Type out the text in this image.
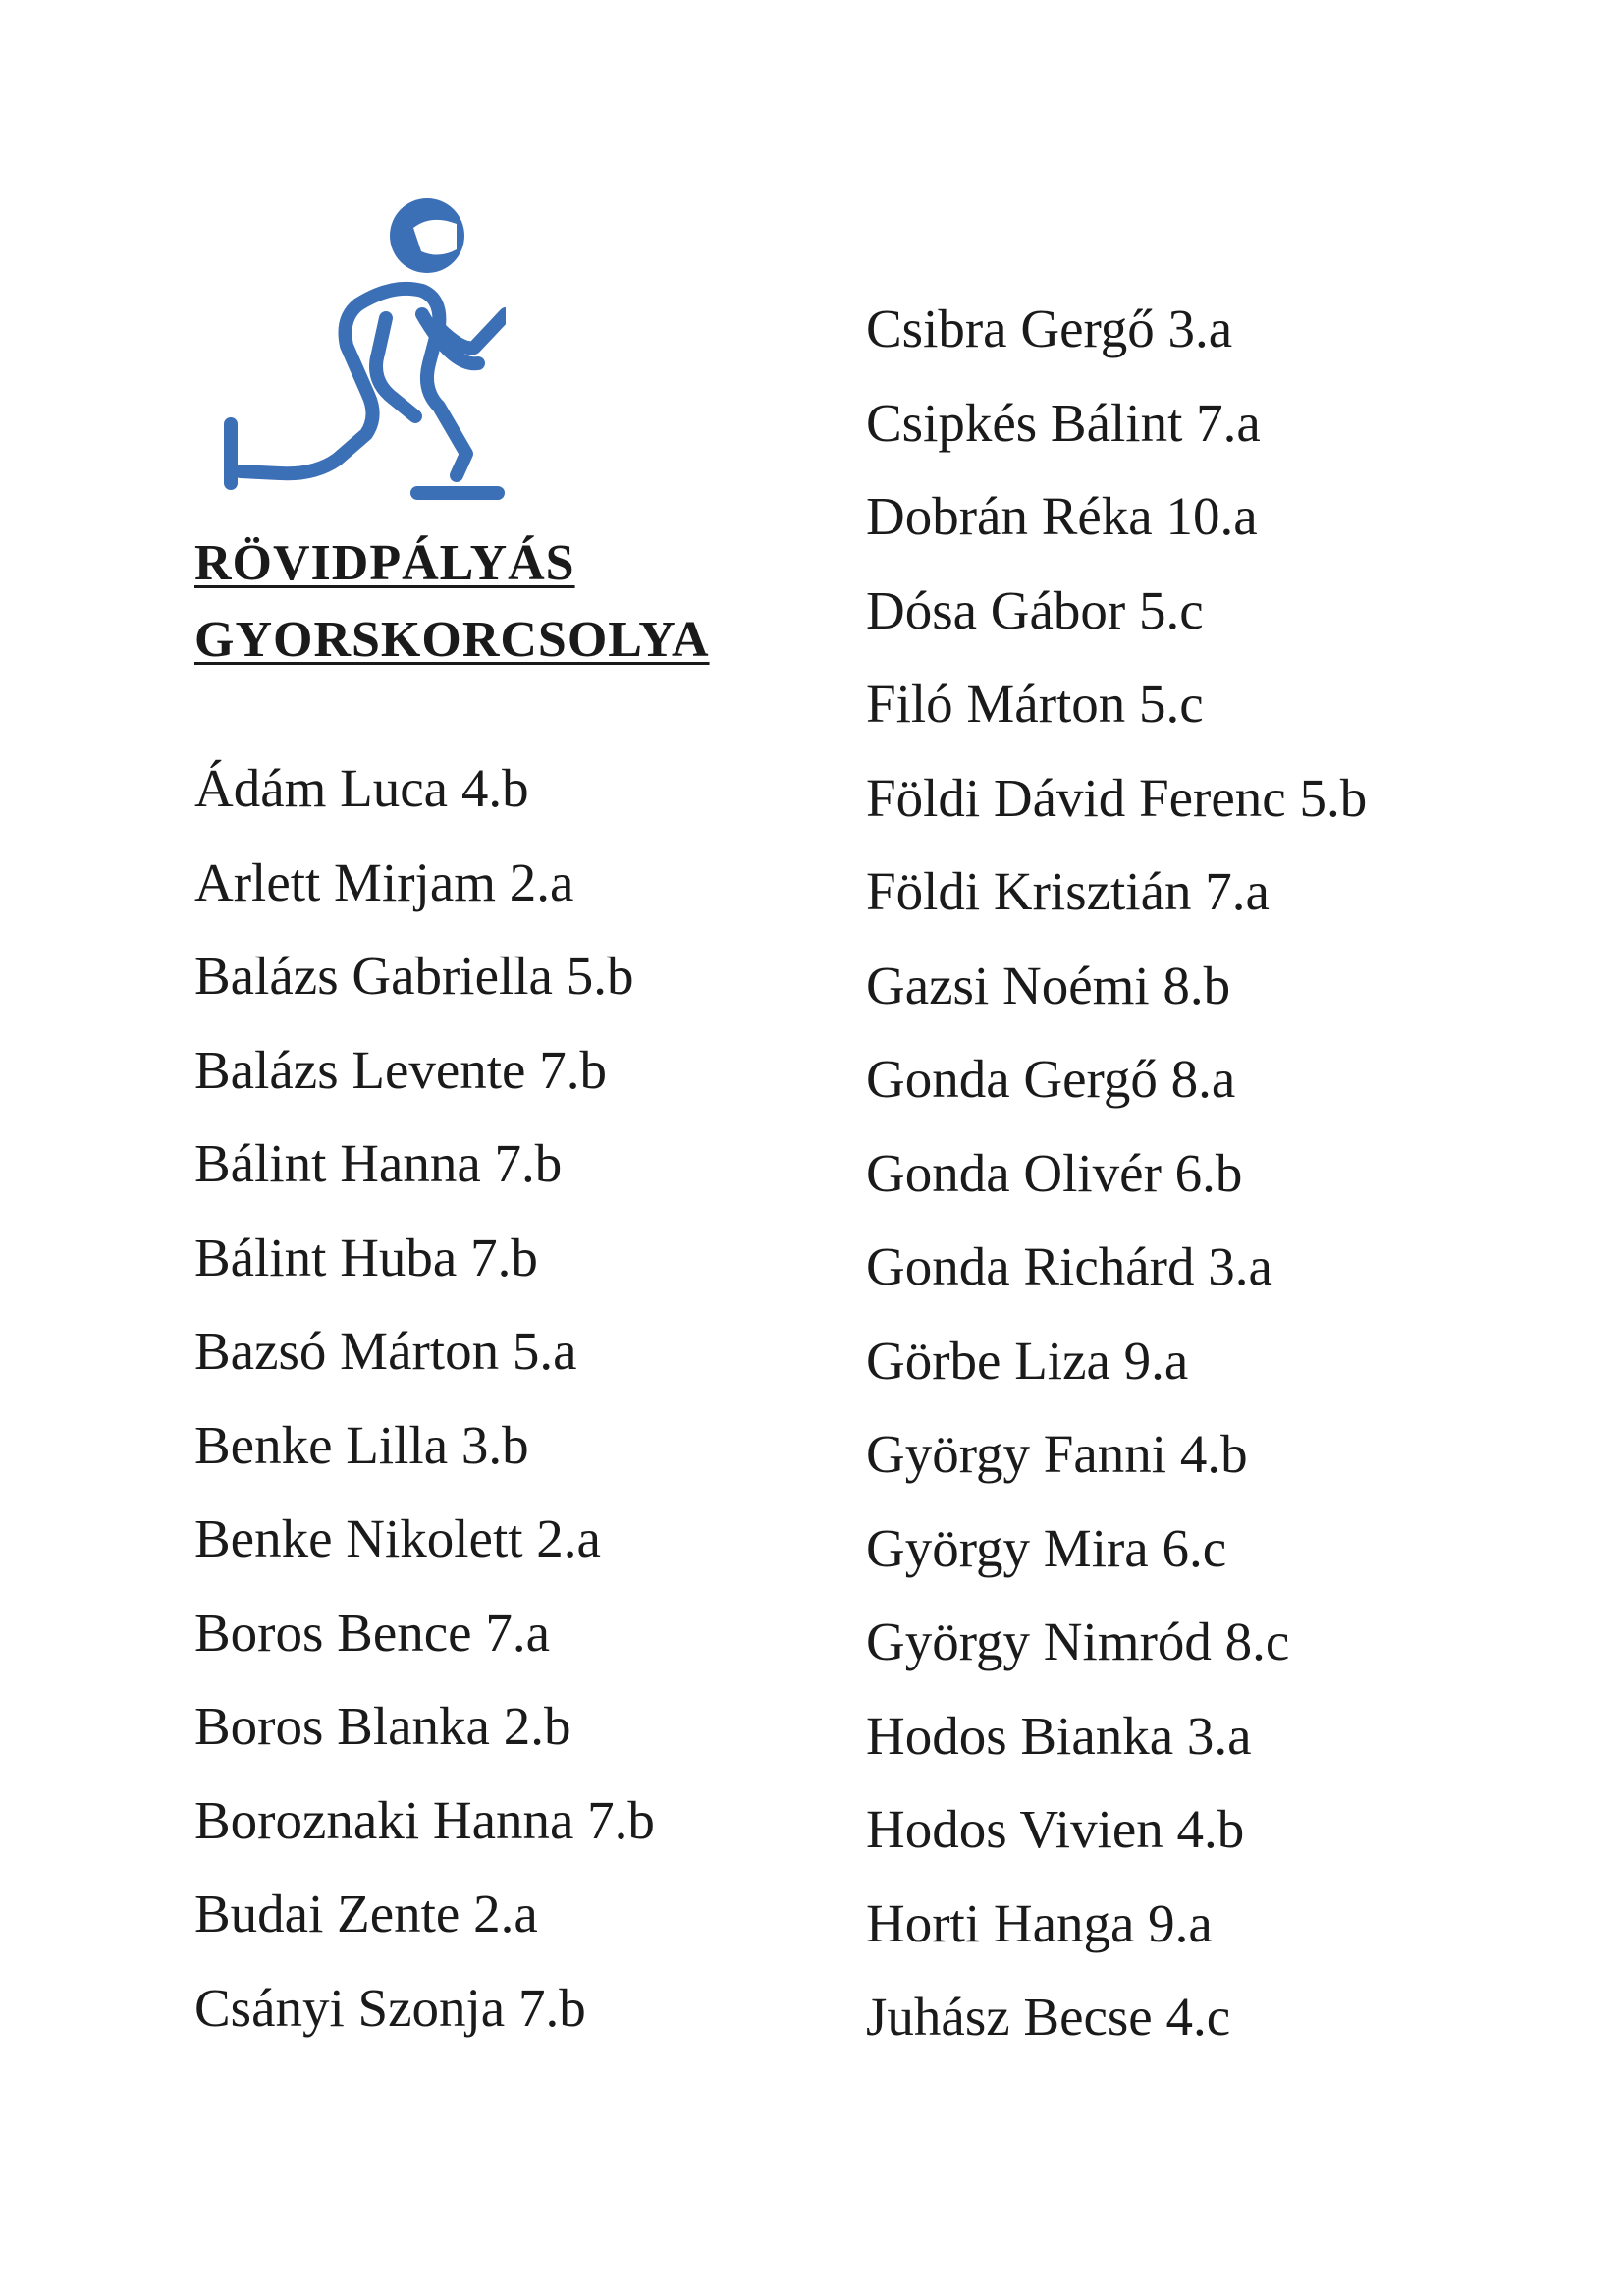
RÖVIDPÁLYÁS
GYORSKORCSOLYA
Ádám Luca 4.b
Arlett Mirjam 2.a
Balázs Gabriella 5.b
Balázs Levente 7.b
Bálint Hanna 7.b
Bálint Huba 7.b
Bazsó Márton 5.a
Benke Lilla 3.b
Benke Nikolett 2.a
Boros Bence 7.a
Boros Blanka 2.b
Boroznaki Hanna 7.b
Budai Zente 2.a
Csányi Szonja 7.b
Csibra Gergő 3.a
Csipkés Bálint 7.a
Dobrán Réka 10.a
Dósa Gábor 5.c
Filó Márton 5.c
Földi Dávid Ferenc 5.b
Földi Krisztián 7.a
Gazsi Noémi 8.b
Gonda Gergő 8.a
Gonda Olivér 6.b
Gonda Richárd 3.a
Görbe Liza 9.a
György Fanni 4.b
György Mira 6.c
György Nimród 8.c
Hodos Bianka 3.a
Hodos Vivien 4.b
Horti Hanga 9.a
Juhász Becse 4.c
